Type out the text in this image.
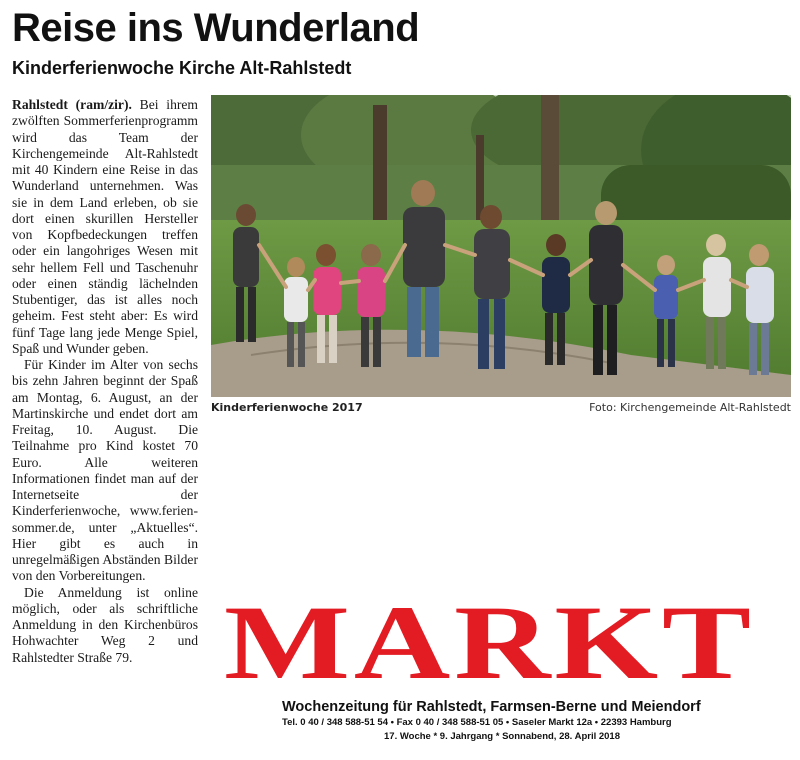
Reise ins Wunderland
Kinderferienwoche Kirche Alt-Rahlstedt

Rahlstedt (ram/zir). Bei ihrem zwölften Sommerferienprogramm wird das Team der Kirchengemeinde Alt-Rahlstedt mit 40 Kindern eine Reise in das Wunderland unternehmen. Was sie in dem Land erleben, ob sie dort einen skurillen Hersteller von Kopfbedeckungen treffen oder ein langohriges Wesen mit sehr hellem Fell und Taschenuhr oder einen ständig lächelnden Stubentiger, das ist alles noch geheim. Fest steht aber: Es wird fünf Tage lang jede Menge Spiel, Spaß und Wunder geben.

Für Kinder im Alter von sechs bis zehn Jahren beginnt der Spaß am Montag, 6. August, an der Martinskirche und endet dort am Freitag, 10. August. Die Teilnahme pro Kind kostet 70 Euro. Alle weiteren Informationen findet man auf der Internetseite der Kinderferienwoche, www.ferien-sommer.de, unter „Aktuelles“. Hier gibt es auch in unregelmäßigen Abständen Bilder von den Vorbereitungen.

Die Anmeldung ist online möglich, oder als schriftliche Anmeldung in den Kirchenbüros Hohwachter Weg 2 und Rahlstedter Straße 79.

Kinderferienwoche 2017	Foto: Kirchengemeinde Alt-Rahlstedt
MARKT
Wochenzeitung für Rahlstedt, Farmsen-Berne und Meiendorf
Tel. 0 40 / 348 588-51 54 • Fax 0 40 / 348 588-51 05 • Saseler Markt 12a • 22393 Hamburg
17. Woche * 9. Jahrgang * Sonnabend, 28. April 2018
